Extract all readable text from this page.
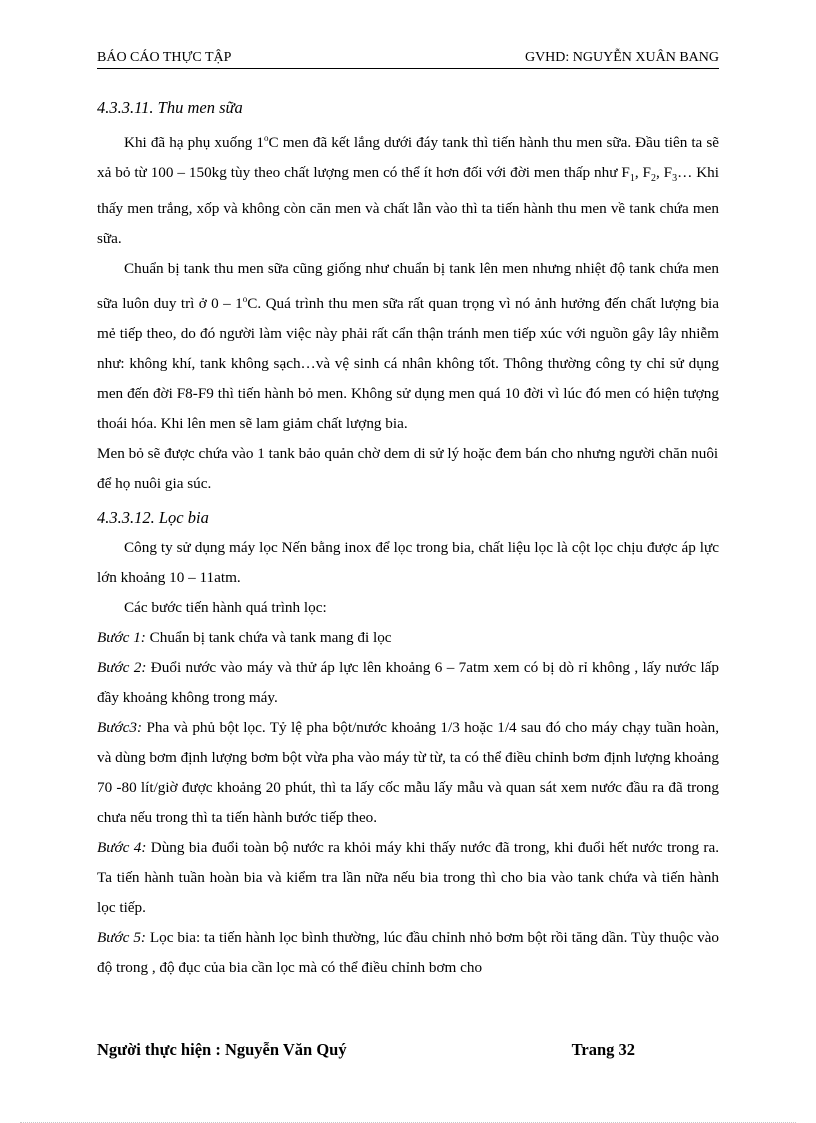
BÁO CÁO THỰC TẬP	GVHD: NGUYỄN XUÂN BANG

4.3.3.11. Thu men sữa

Khi đã hạ phụ xuống 1$^o$C men đã kết lắng dưới đáy tank thì tiến hành thu men sữa. Đầu tiên ta sẽ xả bỏ từ 100 – 150kg tùy theo chất lượng men có thể ít hơn đối với đời men thấp như $F_1$, $F_2$, $F_3\dots$ Khi thấy men trắng, xốp và không còn căn men và chất lẫn vào thì ta tiến hành thu men về tank chứa men sữa.

Chuẩn bị tank thu men sữa cũng giống như chuẩn bị tank lên men nhưng nhiệt độ tank chứa men sữa luôn duy trì ở 0 – 1$^o$C. Quá trình thu men sữa rất quan trọng vì nó ảnh hưởng đến chất lượng bia mẻ tiếp theo, do đó người làm việc này phải rất cẩn thận tránh men tiếp xúc với nguồn gây lây nhiễm như: không khí, tank không sạch…và vệ sinh cá nhân không tốt. Thông thường công ty chỉ sử dụng men đến đời F8-F9 thì tiến hành bỏ men. Không sử dụng men quá 10 đời vì lúc đó men có hiện tượng thoái hóa. Khi lên men sẽ lam giảm chất lượng bia.

Men bỏ sẽ được chứa vào 1 tank bảo quản chờ dem di sử lý hoặc đem bán cho nhưng người chăn nuôi để họ nuôi gia súc.

4.3.3.12. Lọc bia

Công ty sử dụng máy lọc Nến bằng inox để lọc trong bia, chất liệu lọc là cột lọc chịu được áp lực lớn khoảng 10 – 11atm.

Các bước tiến hành quá trình lọc:

Bước 1: Chuẩn bị tank chứa và tank mang đi lọc

Bước 2: Đuổi nước vào máy và thử áp lực lên khoảng 6 – 7atm xem có bị dò rỉ không , lấy nước lấp đầy khoảng không trong máy.

Bước3: Pha và phủ bột lọc. Tỷ lệ pha bột/nước khoảng 1/3 hoặc 1/4 sau đó cho máy chạy tuần hoàn, và dùng bơm định lượng bơm bột vừa pha vào máy từ từ, ta có thể điều chỉnh bơm định lượng khoảng 70 -80 lít/giờ được khoảng 20 phút, thì ta lấy cốc mẫu lấy mẫu và quan sát xem nước đầu ra đã trong chưa nếu trong thì ta tiến hành bước tiếp theo.

Bước 4: Dùng bia đuổi toàn bộ nước ra khỏi máy khi thấy nước đã trong, khi đuổi hết nước trong ra. Ta tiến hành tuần hoàn bia và kiểm tra lần nữa nếu bia trong thì cho bia vào tank chứa và tiến hành lọc tiếp.

Bước 5: Lọc bia: ta tiến hành lọc bình thường, lúc đầu chỉnh nhỏ bơm bột rồi tăng dần. Tùy thuộc vào độ trong , độ đục của bia cần lọc mà có thể điều chỉnh bơm cho

Người thực hiện : Nguyễn Văn Quý	Trang 32
